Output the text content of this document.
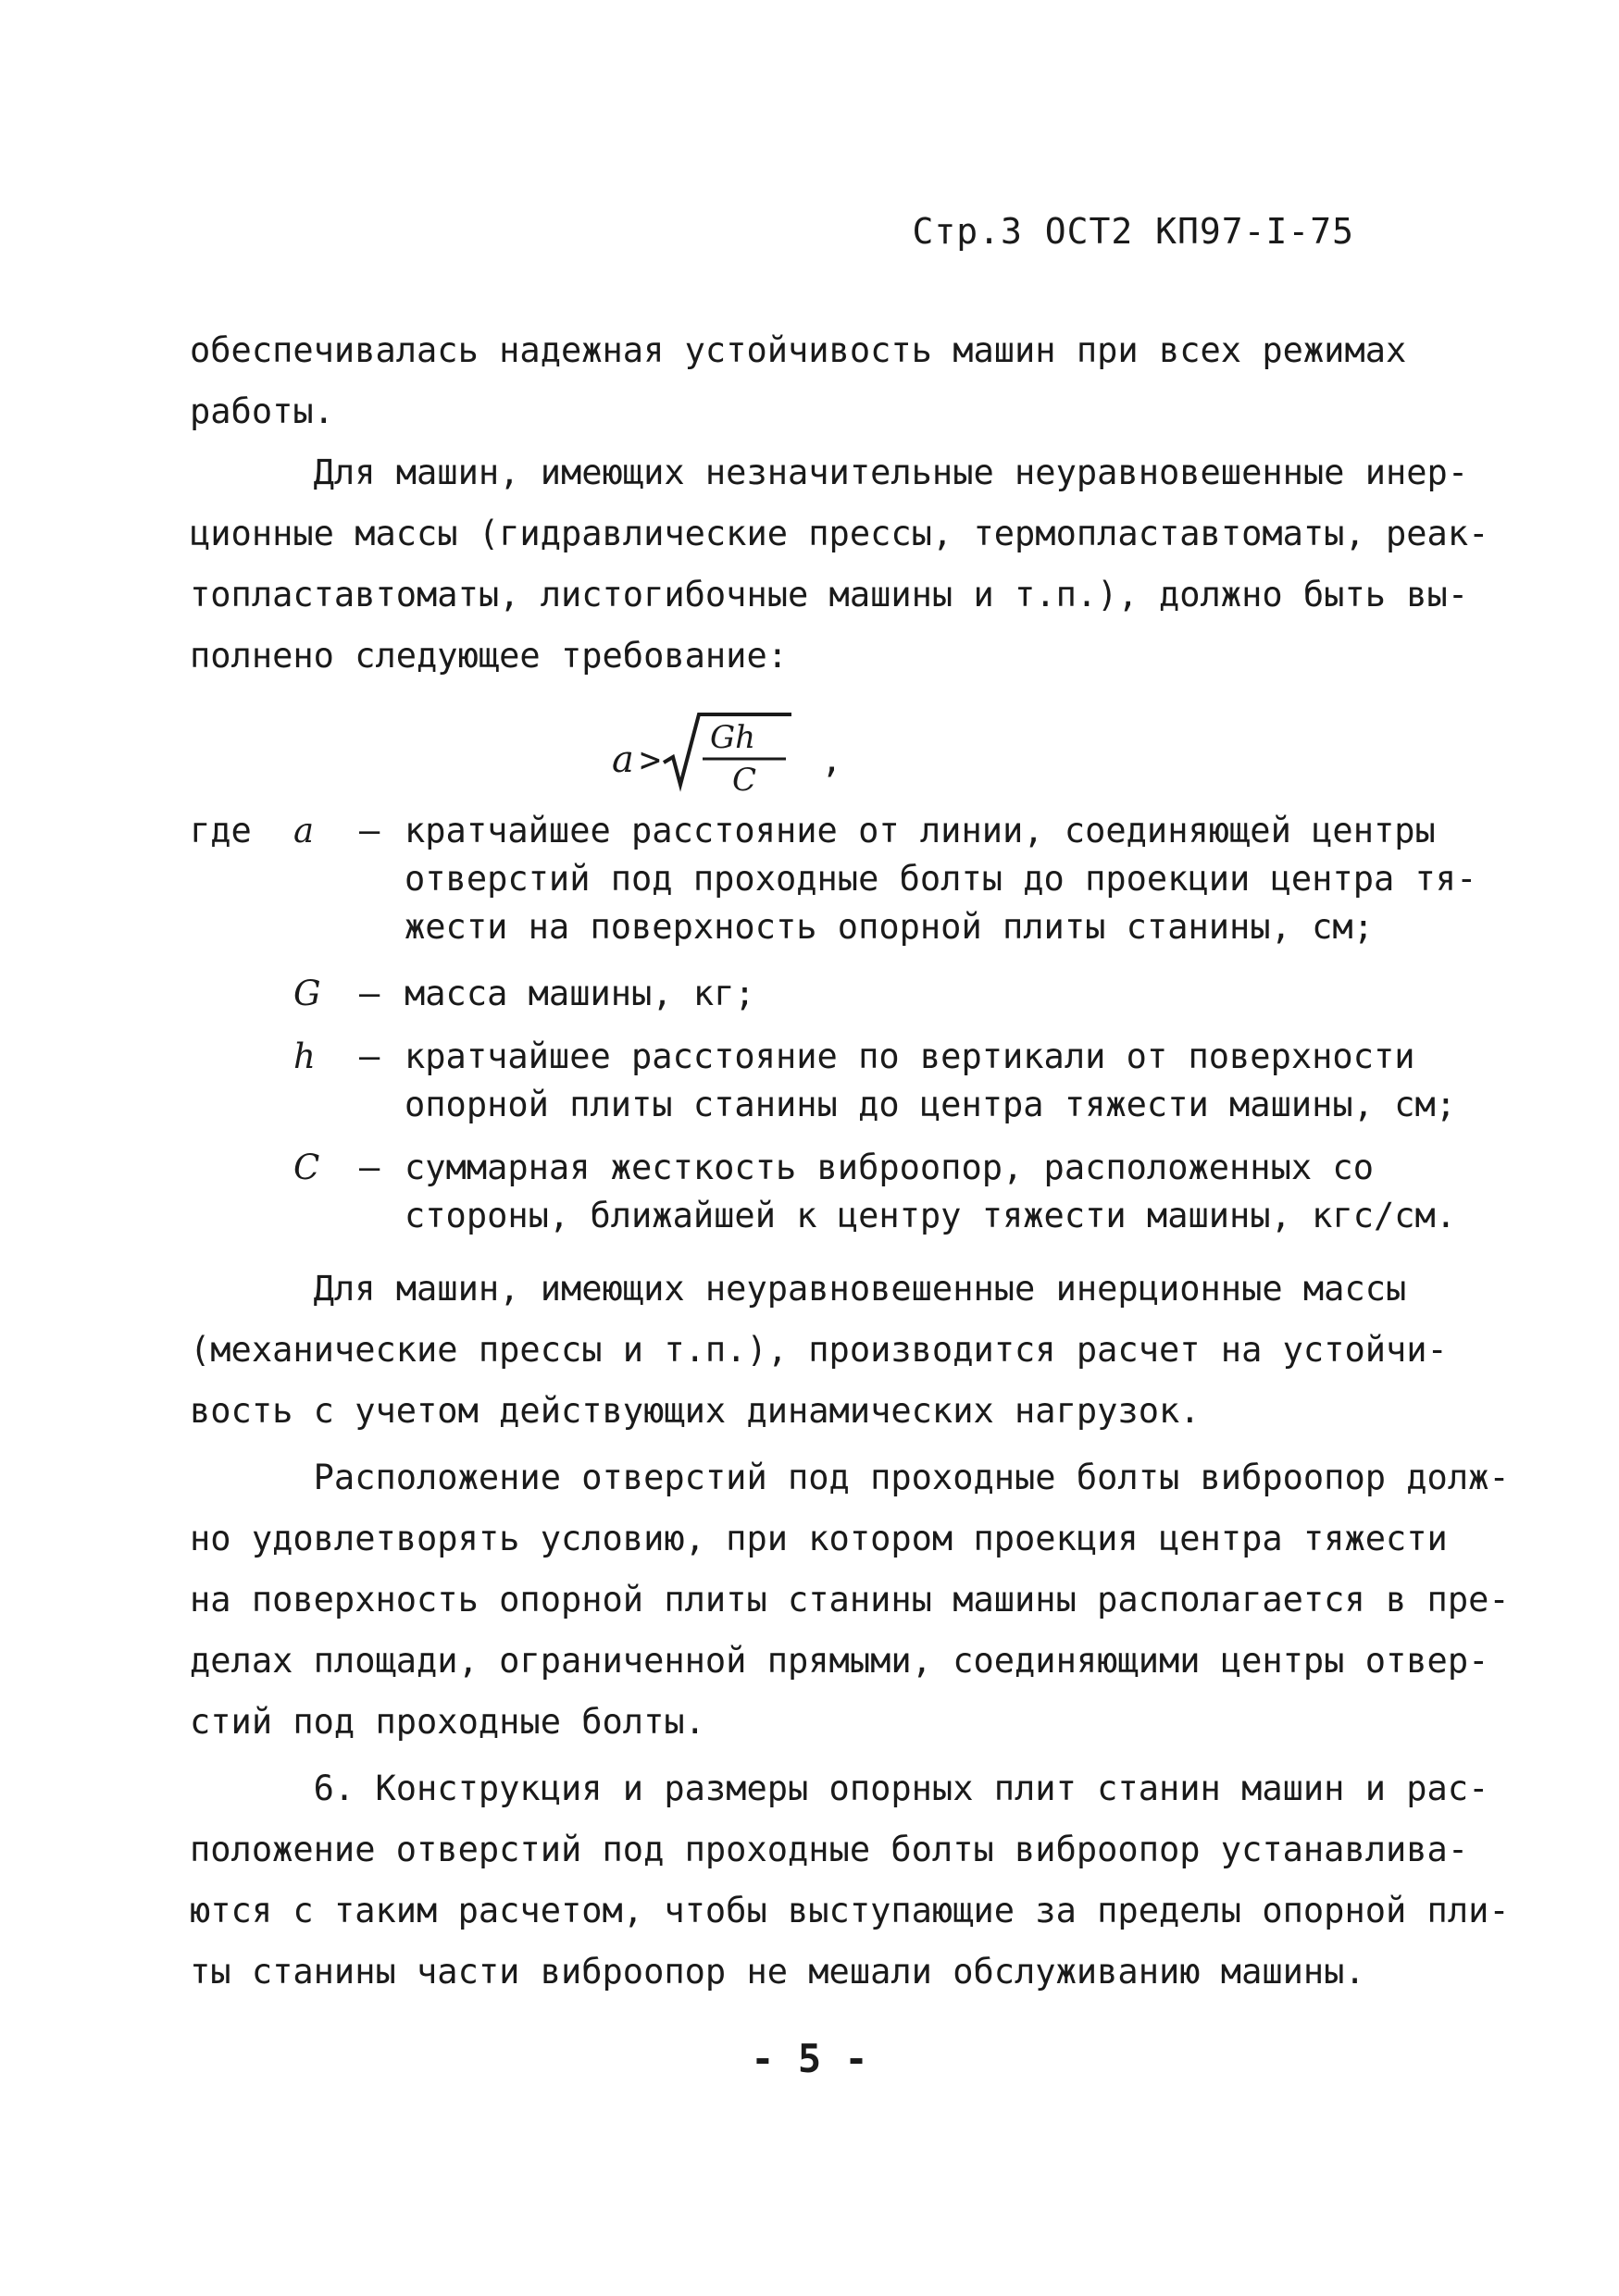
Стр.3 ОСТ2 КП97-I-75
обеспечивалась надежная устойчивость машин при всех режимах
работы.
Для машин, имеющих незначительные неуравновешенные инер-
ционные массы (гидравлические прессы, термопластавтоматы, реак-
топластавтоматы, листогибочные машины и т.п.), должно быть вы-
полнено следующее требование:
a >
Gh
C ,
где	a – кратчайшее расстояние от линии, соединяющей центры
отверстий под проходные болты до проекции центра тя-
жести на поверхность опорной плиты станины, см;
G – масса машины, кг;
h – кратчайшее расстояние по вертикали от поверхности
опорной плиты станины до центра тяжести машины, см;
C – суммарная жесткость виброопор, расположенных со
стороны, ближайшей к центру тяжести машины, кгс/см.
Для машин, имеющих неуравновешенные инерционные массы
(механические прессы и т.п.), производится расчет на устойчи-
вость с учетом действующих динамических нагрузок.
Расположение отверстий под проходные болты виброопор долж-
но удовлетворять условию, при котором проекция центра тяжести
на поверхность опорной плиты станины машины располагается в пре-
делах площади, ограниченной прямыми, соединяющими центры отвер-
стий под проходные болты.
6. Конструкция и размеры опорных плит станин машин и рас-
положение отверстий под проходные болты виброопор устанавлива-
ются с таким расчетом, чтобы выступающие за пределы опорной пли-
ты станины части виброопор не мешали обслуживанию машины.
- 5 -
